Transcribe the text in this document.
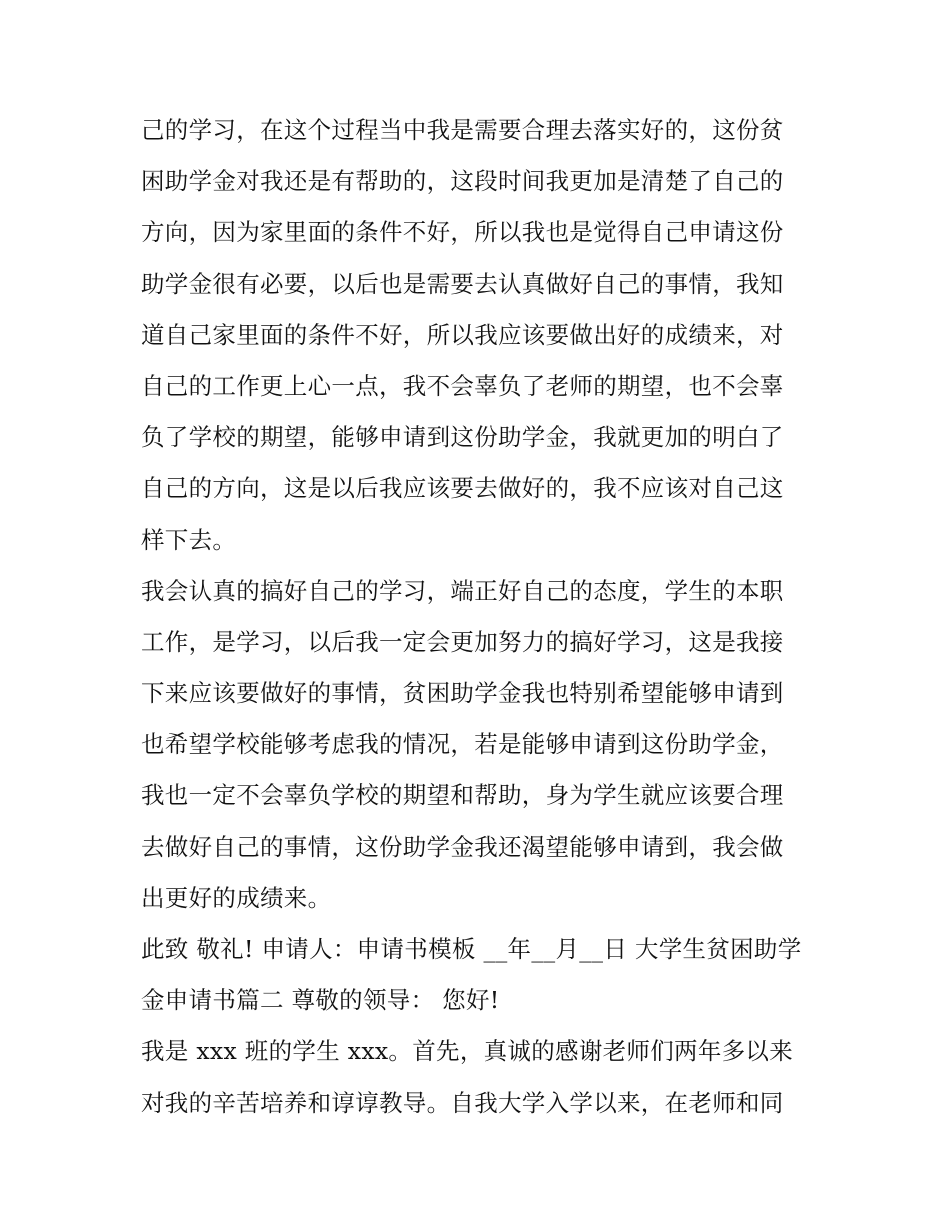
己的学习，在这个过程当中我是需要合理去落实好的，这份贫
困助学金对我还是有帮助的，这段时间我更加是清楚了自己的
方向，因为家里面的条件不好，所以我也是觉得自己申请这份
助学金很有必要，以后也是需要去认真做好自己的事情，我知
道自己家里面的条件不好，所以我应该要做出好的成绩来，对
自己的工作更上心一点，我不会辜负了老师的期望，也不会辜
负了学校的期望，能够申请到这份助学金，我就更加的明白了
自己的方向，这是以后我应该要去做好的，我不应该对自己这
样下去。
我会认真的搞好自己的学习，端正好自己的态度，学生的本职
工作，是学习，以后我一定会更加努力的搞好学习，这是我接
下来应该要做好的事情，贫困助学金我也特别希望能够申请到
也希望学校能够考虑我的情况，若是能够申请到这份助学金，
我也一定不会辜负学校的期望和帮助，身为学生就应该要合理
去做好自己的事情，这份助学金我还渴望能够申请到，我会做
出更好的成绩来。
此致 敬礼! 申请人：申请书模板 __年__月__日 大学生贫困助学
金申请书篇二 尊敬的领导： 您好!
我是 xxx 班的学生 xxx。首先，真诚的感谢老师们两年多以来
对我的辛苦培养和谆谆教导。自我大学入学以来，在老师和同
